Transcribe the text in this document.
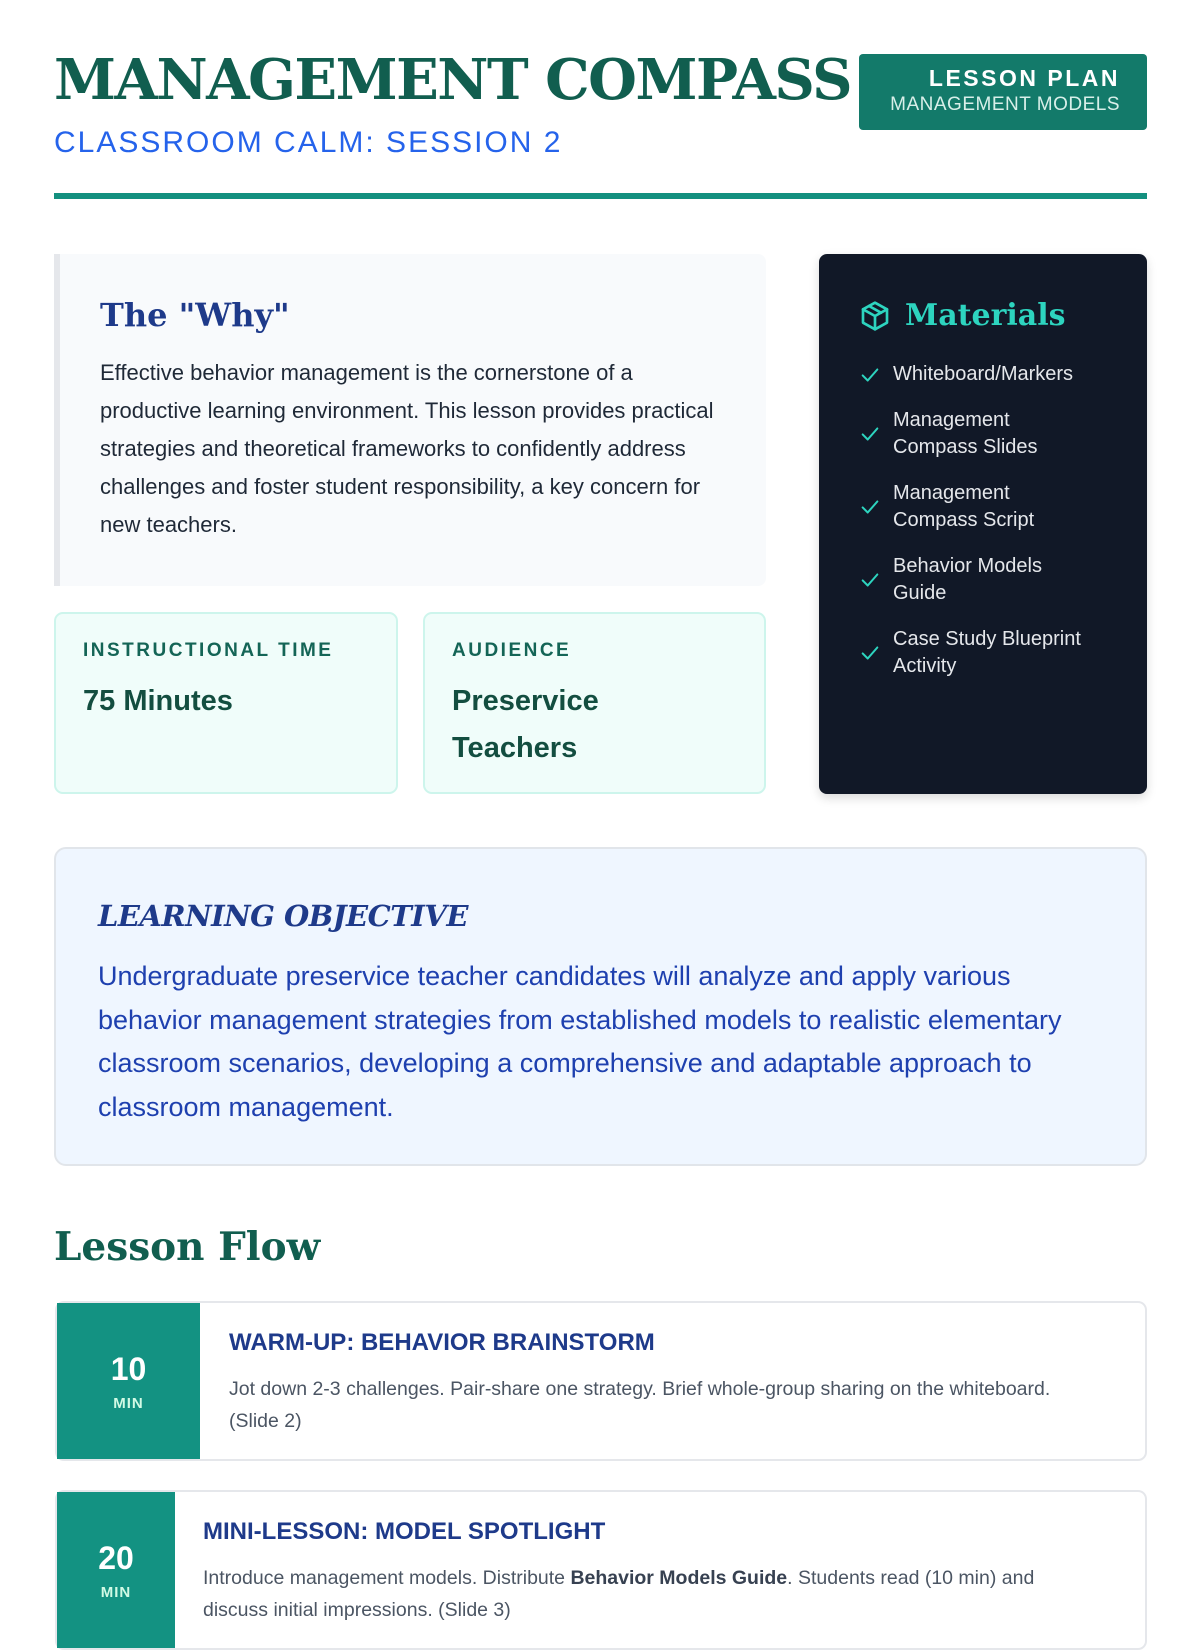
MANAGEMENT COMPASS
CLASSROOM CALM: SESSION 2
LESSON PLAN
MANAGEMENT MODELS
The "Why"

Effective behavior management is the cornerstone of a productive learning environment. This lesson provides practical strategies and theoretical frameworks to confidently address challenges and foster student responsibility, a key concern for new teachers.

INSTRUCTIONAL TIME
75 Minutes
AUDIENCE
Preservice Teachers
Materials
Whiteboard/Markers
Management Compass Slides
Management Compass Script
Behavior Models Guide
Case Study Blueprint Activity
LEARNING OBJECTIVE

Undergraduate preservice teacher candidates will analyze and apply various behavior management strategies from established models to realistic elementary classroom scenarios, developing a comprehensive and adaptable approach to classroom management.

Lesson Flow
10
MIN
WARM-UP: BEHAVIOR BRAINSTORM

Jot down 2-3 challenges. Pair-share one strategy. Brief whole-group sharing on the whiteboard. (Slide 2)

20
MIN
MINI-LESSON: MODEL SPOTLIGHT

Introduce management models. Distribute Behavior Models Guide. Students read (10 min) and discuss initial impressions. (Slide 3)
